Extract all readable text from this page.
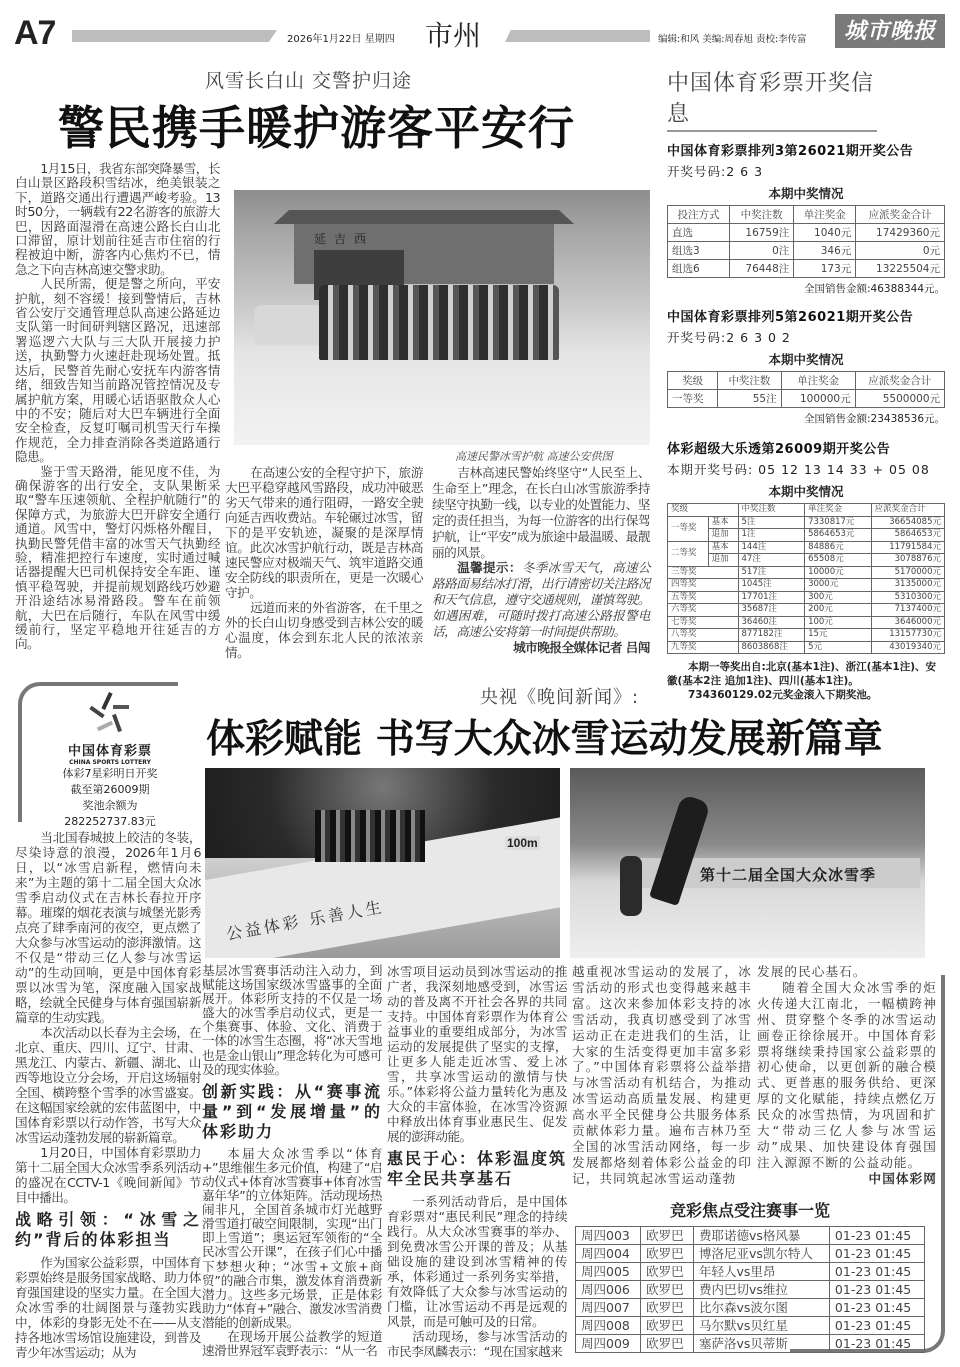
A7	2026年1月22日 星期四 市州	编辑:和风 美编:周春旭 责校:李传富	城市晚报
风雪长白山 交警护归途
警民携手暖护游客平安行

1月15日，我省东部突降暴雪，长白山景区路段积雪结冰，绝美银装之下，道路交通出行遭遇严峻考验。13时50分，一辆载有22名游客的旅游大巴，因路面湿滑在高速公路长白山北口滞留，原计划前往延吉市住宿的行程被迫中断，游客内心焦灼不已，情急之下向吉林高速交警求助。

人民所需，便是警之所向，平安护航，刻不容缓！接到警情后，吉林省公安厅交通管理总队高速公路延边支队第一时间研判辖区路况，迅速部署巡逻六大队与三大队开展接力护送，执勤警力火速赶赴现场处置。抵达后，民警首先耐心安抚车内游客情绪，细致告知当前路况管控情况及专属护航方案，用暖心话语驱散众人心中的不安；随后对大巴车辆进行全面安全检查，反复叮嘱司机雪天行车操作规范，全力排查消除各类道路通行隐患。

鉴于雪天路滑，能见度不佳，为确保游客的出行安全，支队果断采取“警车压速领航、全程护航随行”的保障方式，为旅游大巴开辟安全通行通道。风雪中，警灯闪烁格外醒目，执勤民警凭借丰富的冰雪天气执勤经验，精准把控行车速度，实时通过喊话器提醒大巴司机保持安全车距、谨慎平稳驾驶，并提前规划路线巧妙避开沿途结冰易滑路段。警车在前领航，大巴在后随行，车队在风雪中缓缓前行，坚定平稳地开往延吉的方向。

延吉西
高速民警冰雪护航 高速公安供图

在高速公安的全程守护下，旅游大巴平稳穿越风雪路段，成功冲破恶劣天气带来的通行阻碍，一路安全驶向延吉西收费站。车轮碾过冰雪，留下的是平安轨迹，凝聚的是深厚情谊。此次冰雪护航行动，既是吉林高速民警应对极端天气、筑牢道路交通安全防线的职责所在，更是一次暖心守护。

远道而来的外省游客，在千里之外的长白山切身感受到吉林公安的暖心温度，体会到东北人民的浓浓亲情。

吉林高速民警始终坚守“人民至上、生命至上”理念，在长白山冰雪旅游季持续坚守执勤一线，以专业的处置能力、坚定的责任担当，为每一位游客的出行保驾护航，让“平安”成为旅途中最温暖、最靓丽的风景。

温馨提示：冬季冰雪天气，高速公路路面易结冰打滑，出行请密切关注路况和天气信息，遵守交通规则，谨慎驾驶。如遇困难，可随时拨打高速公路报警电话，高速公安将第一时间提供帮助。

城市晚报全媒体记者 吕闯

中国体育彩票开奖信息
中国体育彩票排列3第26021期开奖公告
开奖号码:2 6 3
本期中奖情况
投注方式	中奖注数	单注奖金	应派奖金合计
直选	16759注	1040元	17429360元
组选3	0注	346元	0元
组选6	76448注	173元	13225504元
全国销售金额:46388344元。
中国体育彩票排列5第26021期开奖公告
开奖号码:2 6 3 0 2
本期中奖情况
奖级	中奖注数	单注奖金	应派奖金合计
一等奖	55注	100000元	5500000元
全国销售金额:23438536元。
体彩超级大乐透第26009期开奖公告
本期开奖号码: 05 12 13 14 33 + 05 08
本期中奖情况
奖级		中奖注数	单注奖金	应派奖金合计
一等奖	基本	5注	7330817元	36654085元
	追加	1注	5864653元	5864653元
二等奖	基本	144注	84886元	11791584元
	追加	47注	65508元	3078876元
三等奖		517注	10000元	5170000元
四等奖		1045注	3000元	3135000元
五等奖		17701注	300元	5310300元
六等奖		35687注	200元	7137400元
七等奖		36460注	100元	3646000元
八等奖		877182注	15元	13157730元
九等奖		8603868注	5元	43019340元
本期一等奖出自:北京(基本1注)、浙江(基本1注)、安徽(基本2注 追加1注)、四川(基本1注)。
734360129.02元奖金滚入下期奖池。
中国体育彩票
CHINA SPORTS LOTTERY
体彩7星彩明日开奖
截至第26009期
奖池余额为
282252737.83元
央视《晚间新闻》:
体彩赋能 书写大众冰雪运动发展新篇章
100m
公益体彩 乐善人生
第十二届全国大众冰雪季

当北国春城披上皎洁的冬装，尽染诗意的浪漫，2026年1月6日，以“冰雪启新程，燃情向未来”为主题的第十二届全国大众冰雪季启动仪式在吉林长春拉开序幕。璀璨的烟花表演与城堡光影秀点亮了肆季南河的夜空，更点燃了大众参与冰雪运动的澎湃激情。这不仅是“带动三亿人参与冰雪运动”的生动回响，更是中国体育彩票以冰雪为笔，深度融入国家战略，绘就全民健身与体育强国崭新篇章的生动实践。

本次活动以长春为主会场，在北京、重庆、四川、辽宁、甘肃、黑龙江、内蒙古、新疆、湖北、山西等地设立分会场，开启这场辐射全国、横跨整个雪季的冰雪盛宴。在这幅国家绘就的宏伟蓝图中，中国体育彩票以行动作答，书写大众冰雪运动蓬勃发展的崭新篇章。

1月20日，中国体育彩票助力第十二届全国大众冰雪季系列活动的盛况在CCTV-1《晚间新闻》节目中播出。

战略引领：“冰雪之约”背后的体彩担当

作为国家公益彩票，中国体育彩票始终是服务国家战略、助力体育强国建设的坚实力量。在全国大众冰雪季的壮阔图景与蓬勃实践中，体彩的身影无处不在——从支持各地冰雪场馆设施建设，到普及青少年冰雪运动；从为

基层冰雪赛事活动注入动力，到赋能这场国家级冰雪盛事的全面展开。体彩所支持的不仅是一场盛大的冰雪季启动仪式，更是一个集赛事、体验、文化、消费于一体的冰雪生态圈，将“冰天雪地也是金山银山”理念转化为可感可及的现实体验。

创新实践：从“赛事流量”到“发展增量”的体彩助力

本届大众冰雪季以“体育+”思维催生多元价值，构建了“启动仪式+体育冰雪赛事+体育冰雪嘉年华”的立体矩阵。活动现场热闹非凡，全国首条城市灯光越野滑雪道打破空间限制，实现“出门即上雪道”；奥运冠军领衔的“全民冰雪公开课”，在孩子们心中播下梦想火种；“冰雪+文旅+商贸”的融合市集，激发体育消费新潜力。这些多元场景，正是体彩助力“体育+”融合、激发冰雪消费潜能的创新成果。

在现场开展公益教学的短道速滑世界冠军袁野表示：“从一名

冰雪项目运动员到冰雪运动的推广者，我深刻地感受到，冰雪运动的普及离不开社会各界的共同支持。中国体育彩票作为体育公益事业的重要组成部分，为冰雪运动的发展提供了坚实的支撑，让更多人能走近冰雪、爱上冰雪，共享冰雪运动的激情与快乐。”体彩将公益力量转化为惠及大众的丰富体验，在冰雪冷资源中释放出体育事业惠民生、促发展的澎湃动能。

惠民于心：体彩温度筑牢全民共享基石

一系列活动背后，是中国体育彩票对“惠民利民”理念的持续践行。从大众冰雪赛事的举办、到免费冰雪公开课的普及；从基础设施的建设到冰雪精神的传承，体彩通过一系列务实举措，有效降低了大众参与冰雪运动的门槛，让冰雪运动不再是远观的风景，而是可触可及的日常。

活动现场，参与冰雪活动的市民李凤麟表示：“现在国家越来

越重视冰雪运动的发展了，冰雪活动的形式也变得越来越丰富。这次来参加体彩支持的冰雪活动，我真切感受到了冰雪运动正在走进我们的生活，让大家的生活变得更加丰富多彩了。”中国体育彩票将公益举措与冰雪活动有机结合，为推动冰雪运动高质量发展、构建更高水平全民健身公共服务体系贡献体彩力量。遍布吉林乃至全国的冰雪活动网络，每一步发展都烙刻着体彩公益金的印记，共同筑起冰雪运动蓬勃

发展的民心基石。

随着全国大众冰雪季的炬火传递大江南北，一幅横跨神州、贯穿整个冬季的冰雪运动画卷正徐徐展开。中国体育彩票将继续秉持国家公益彩票的初心使命，以更创新的融合模式、更普惠的服务供给、更深厚的文化赋能，持续点燃亿万民众的冰雪热情，为巩固和扩大“带动三亿人参与冰雪运动”成果、加快建设体育强国注入源源不断的公益动能。

中国体彩网

竞彩焦点受注赛事一览
周四003	欧罗巴	费耶诺德vs格风暴	01-23 01:45
周四004	欧罗巴	博洛尼亚vs凯尔特人	01-23 01:45
周四005	欧罗巴	年轻人vs里昂	01-23 01:45
周四006	欧罗巴	费内巴切vs维拉	01-23 01:45
周四007	欧罗巴	比尔森vs波尔图	01-23 01:45
周四008	欧罗巴	马尔默vs贝红星	01-23 01:45
周四009	欧罗巴	塞萨洛vs贝蒂斯	01-23 01:45
